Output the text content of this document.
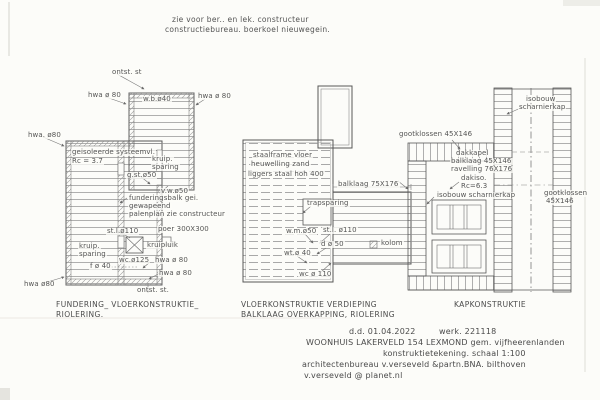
zie voor ber.. en lek. constructeur
constructiebureau. boerkoel nieuwegein.
ontst. st
hwa ø 80	w.b.ø40	hwa ø 80
hwa. ø80
geisoleerde systeemvl.
Rc = 3.7	kruip.
sparing
g.st.ø50
v.w.ø50
funderingsbalk gei.
gewapeend
palenplan zie constructeur
st.l.ø110	poer 300X300
kruip.
sparing
kruipluik
wc.ø125
f ø 40
hwa ø 80
hwa ø 80
hwa ø80
ontst. st.
staalframe vloer
heuwelling zand
liggers staal hoh 400
balklaag 75X176
trapsparing
w.m.ø50 st.l. ø110
d ø 50	kolom
wt.ø 40
wc ø 110
isobouw
scharnierkap
gootklossen 45X146
dakkapel
balklaag 45X146
ravelling 76X176
dakiso.
Rc=6.3
isobouw scharnierkap	gootklossen
45X146
FUNDERING_ VLOERKONSTRUKTIE_
RIOLERING.
VLOERKONSTRUKTIE VERDIEPING
BALKLAAG OVERKAPPING, RIOLERING
KAPKONSTRUKTIE
d.d. 01.04.2022	werk. 221118
WOONHUIS LAKERVELD 154 LEXMOND gem. vijfheerenlanden
konstruktietekening. schaal 1:100
architectenbureau v.verseveld &partn.BNA. bilthoven
v.verseveld @ planet.nl
